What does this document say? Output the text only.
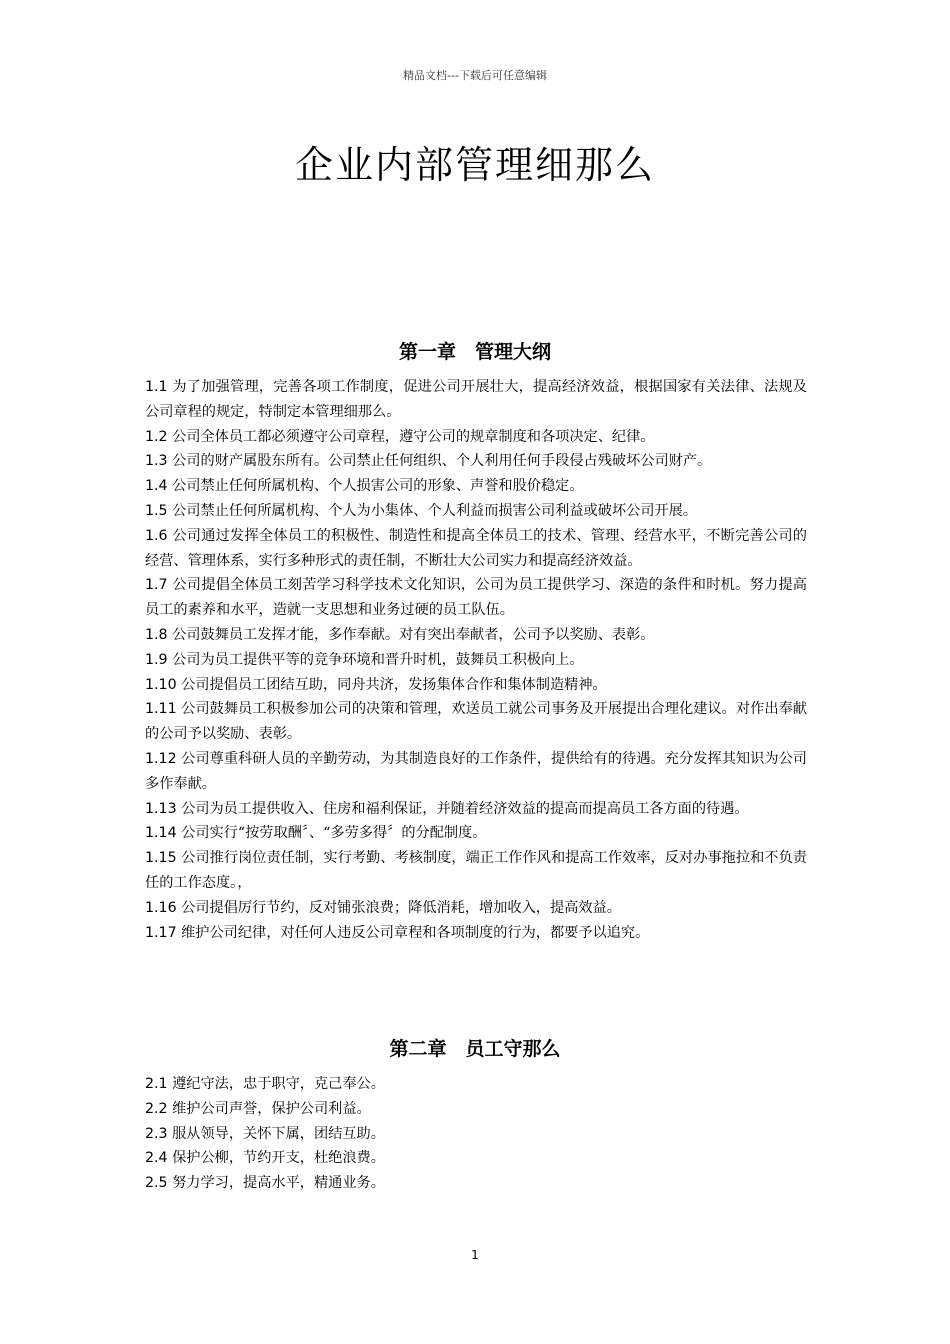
精品文档---下载后可任意编辑
企业内部管理细那么
第一章　管理大纲

1.1 为了加强管理，完善各项工作制度，促进公司开展壮大，提高经济效益，根据国家有关法律、法规及公司章程的规定，特制定本管理细那么。

1.2 公司全体员工都必须遵守公司章程，遵守公司的规章制度和各项决定、纪律。

1.3 公司的财产属股东所有。公司禁止任何组织、个人利用任何手段侵占残破坏公司财产。

1.4 公司禁止任何所属机构、个人损害公司的形象、声誉和股价稳定。

1.5 公司禁止任何所属机构、个人为小集体、个人利益而损害公司利益或破坏公司开展。

1.6 公司通过发挥全体员工的积极性、制造性和提高全体员工的技术、管理、经营水平，不断完善公司的经营、管理体系，实行多种形式的责任制，不断壮大公司实力和提高经济效益。

1.7 公司提倡全体员工刻苦学习科学技术文化知识，公司为员工提供学习、深造的条件和时机。努力提高员工的素养和水平，造就一支思想和业务过硬的员工队伍。

1.8 公司鼓舞员工发挥才能，多作奉献。对有突出奉献者，公司予以奖励、表彰。

1.9 公司为员工提供平等的竞争环境和晋升时机，鼓舞员工积极向上。

1.10 公司提倡员工团结互助，同舟共济，发扬集体合作和集体制造精神。

1.11 公司鼓舞员工积极参加公司的决策和管理，欢送员工就公司事务及开展提出合理化建议。对作出奉献的公司予以奖励、表彰。

1.12 公司尊重科研人员的辛勤劳动，为其制造良好的工作条件，提供给有的待遇。充分发挥其知识为公司多作奉献。

1.13 公司为员工提供收入、住房和福利保证，并随着经济效益的提高而提高员工各方面的待遇。

1.14 公司实行“按劳取酬〞、“多劳多得〞的分配制度。

1.15 公司推行岗位责任制，实行考勤、考核制度，端正工作作风和提高工作效率，反对办事拖拉和不负责任的工作态度。，

1.16 公司提倡厉行节约，反对铺张浪费；降低消耗，增加收入，提高效益。

1.17 维护公司纪律，对任何人违反公司章程和各项制度的行为，都要予以追究。

第二章　员工守那么

2.1 遵纪守法，忠于职守，克己奉公。

2.2 维护公司声誉，保护公司利益。

2.3 服从领导，关怀下属，团结互助。

2.4 保护公柳，节约开支，杜绝浪费。

2.5 努力学习，提高水平，精通业务。

1
